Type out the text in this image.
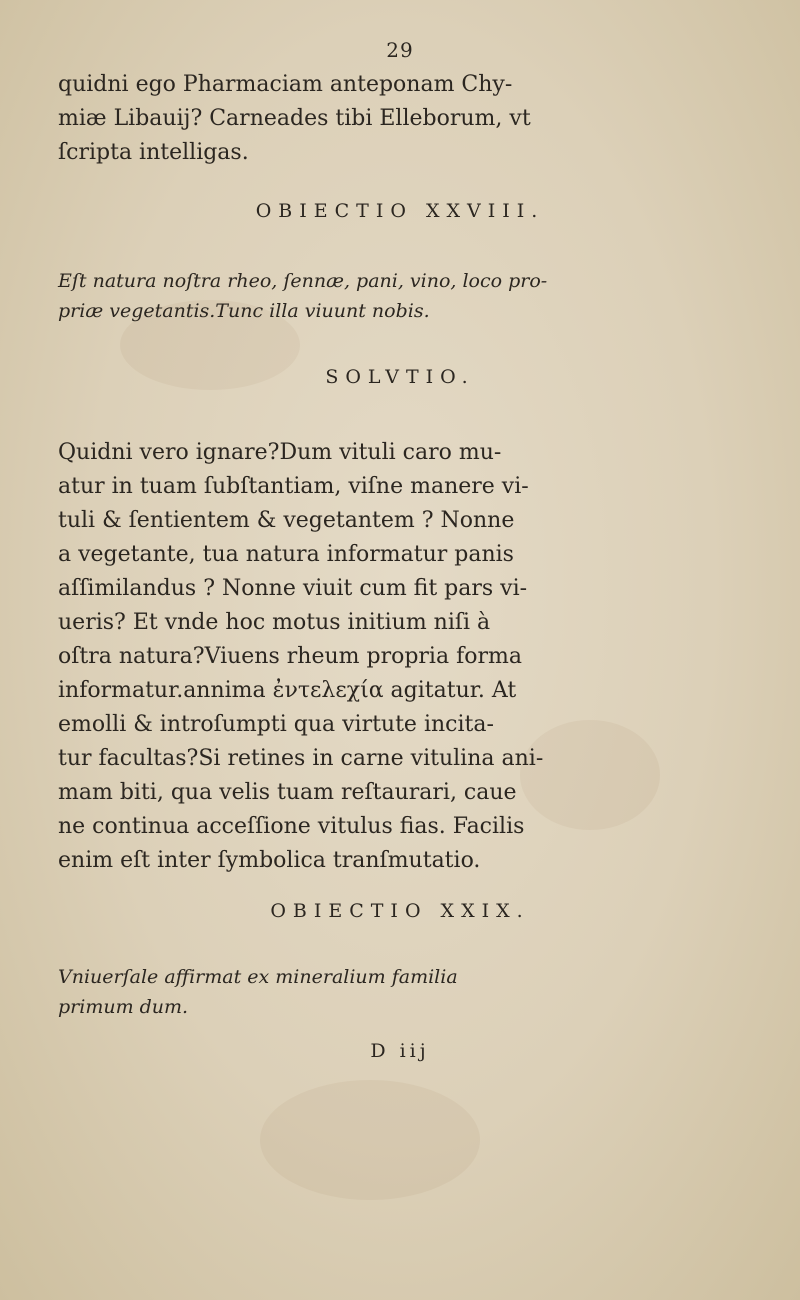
29
quidni ego Pharmaciam anteponam Chy-
miæ Libauij? Carneades tibi Elleborum, vt
ſcripta intelligas.
OBIECTIO XXVIII.
Eſt natura noſtra rheo, ſennæ, pani, vino, loco pro-
priæ vegetantis.Tunc illa viuunt nobis.
SOLVTIO.
Quidni vero ignare?Dum vituli caro mu-
atur in tuam ſubſtantiam, viſne manere vi-
tuli & ſentientem & vegetantem ? Nonne
a vegetante, tua natura informatur panis
aſſimilandus ? Nonne viuit cum fit pars vi-
ueris? Et vnde hoc motus initium niſi à
oſtra natura?Viuens rheum propria forma
informatur.annima ἐντελεχία agitatur. At
emolli & introſumpti qua virtute incita-
tur facultas?Si retines in carne vitulina ani-
mam biti, qua velis tuam reſtaurari, caue
ne continua acceſſione vitulus fias. Facilis
enim eſt inter ſymbolica tranſmutatio.
OBIECTIO XXIX.
Vniuerſale affirmat ex mineralium familia
primum dum.
D iij
